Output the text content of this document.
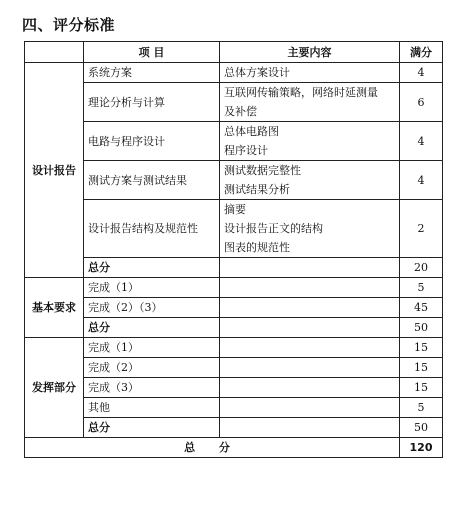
四、评分标准
	项 目	主要内容	满分
设计报告	系统方案	总体方案设计	4
	理论分析与计算	互联网传输策略，网络时延测量
及补偿	6
	电路与程序设计	总体电路图
程序设计	4
	测试方案与测试结果	测试数据完整性
测试结果分析	4
	设计报告结构及规范性	摘要
设计报告正文的结构
图表的规范性	2
	总分		20
基本要求	完成（1）		5
	完成（2）（3）		45
	总分		50
发挥部分	完成（1）		15
	完成（2）		15
	完成（3）		15
	其他		5
	总分		50
总 分			120
